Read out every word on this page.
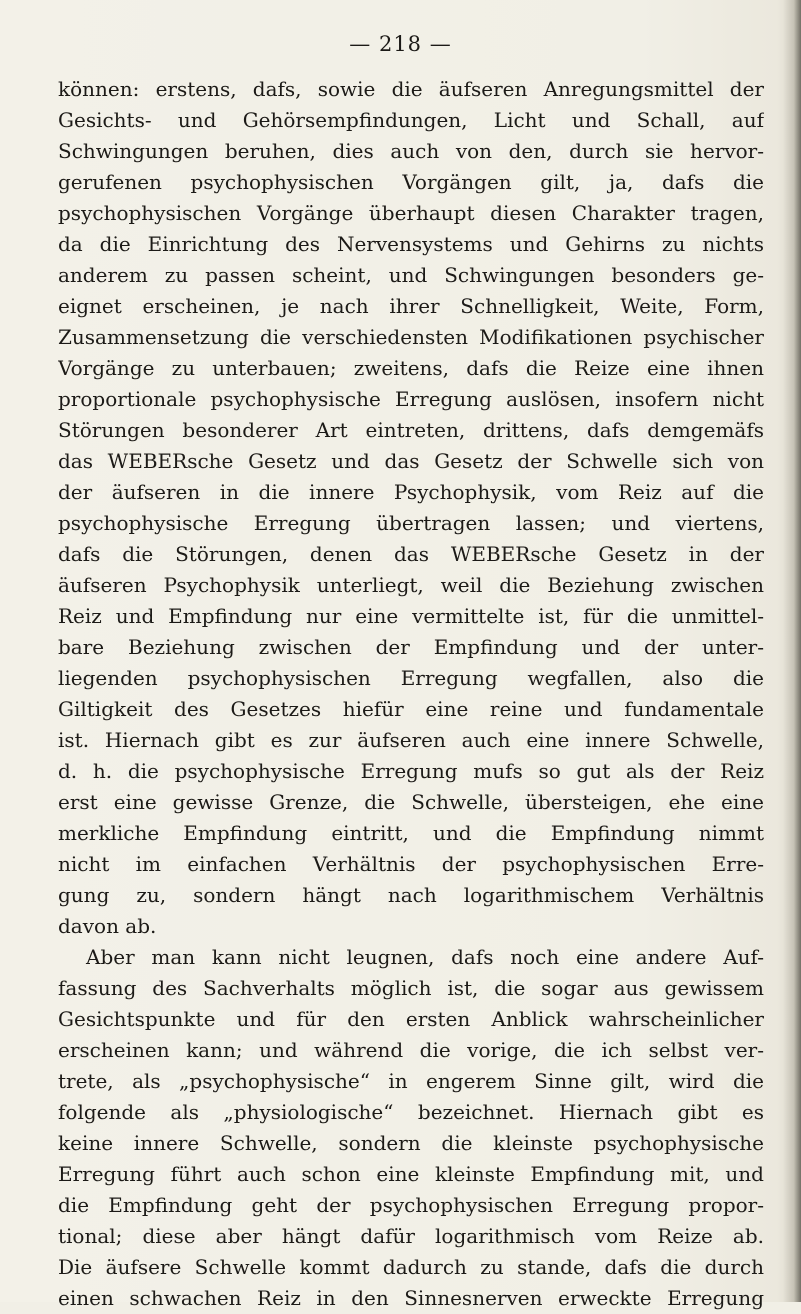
— 218 —
können: erstens, dafs, sowie die äufseren Anregungsmittel der
Gesichts- und Gehörsempfindungen, Licht und Schall, auf
Schwingungen beruhen, dies auch von den, durch sie hervor-
gerufenen psychophysischen Vorgängen gilt, ja, dafs die
psychophysischen Vorgänge überhaupt diesen Charakter tragen,
da die Einrichtung des Nervensystems und Gehirns zu nichts
anderem zu passen scheint, und Schwingungen besonders ge-
eignet erscheinen, je nach ihrer Schnelligkeit, Weite, Form,
Zusammensetzung die verschiedensten Modifikationen psychischer
Vorgänge zu unterbauen; zweitens, dafs die Reize eine ihnen
proportionale psychophysische Erregung auslösen, insofern nicht
Störungen besonderer Art eintreten, drittens, dafs demgemäfs
das WEBERsche Gesetz und das Gesetz der Schwelle sich von
der äufseren in die innere Psychophysik, vom Reiz auf die
psychophysische Erregung übertragen lassen; und viertens,
dafs die Störungen, denen das WEBERsche Gesetz in der
äufseren Psychophysik unterliegt, weil die Beziehung zwischen
Reiz und Empfindung nur eine vermittelte ist, für die unmittel-
bare Beziehung zwischen der Empfindung und der unter-
liegenden psychophysischen Erregung wegfallen, also die
Giltigkeit des Gesetzes hiefür eine reine und fundamentale
ist. Hiernach gibt es zur äufseren auch eine innere Schwelle,
d. h. die psychophysische Erregung mufs so gut als der Reiz
erst eine gewisse Grenze, die Schwelle, übersteigen, ehe eine
merkliche Empfindung eintritt, und die Empfindung nimmt
nicht im einfachen Verhältnis der psychophysischen Erre-
gung zu, sondern hängt nach logarithmischem Verhältnis
davon ab.
Aber man kann nicht leugnen, dafs noch eine andere Auf-
fassung des Sachverhalts möglich ist, die sogar aus gewissem
Gesichtspunkte und für den ersten Anblick wahrscheinlicher
erscheinen kann; und während die vorige, die ich selbst ver-
trete, als „psychophysische“ in engerem Sinne gilt, wird die
folgende als „physiologische“ bezeichnet. Hiernach gibt es
keine innere Schwelle, sondern die kleinste psychophysische
Erregung führt auch schon eine kleinste Empfindung mit, und
die Empfindung geht der psychophysischen Erregung propor-
tional; diese aber hängt dafür logarithmisch vom Reize ab.
Die äufsere Schwelle kommt dadurch zu stande, dafs die durch
einen schwachen Reiz in den Sinnesnerven erweckte Erregung
